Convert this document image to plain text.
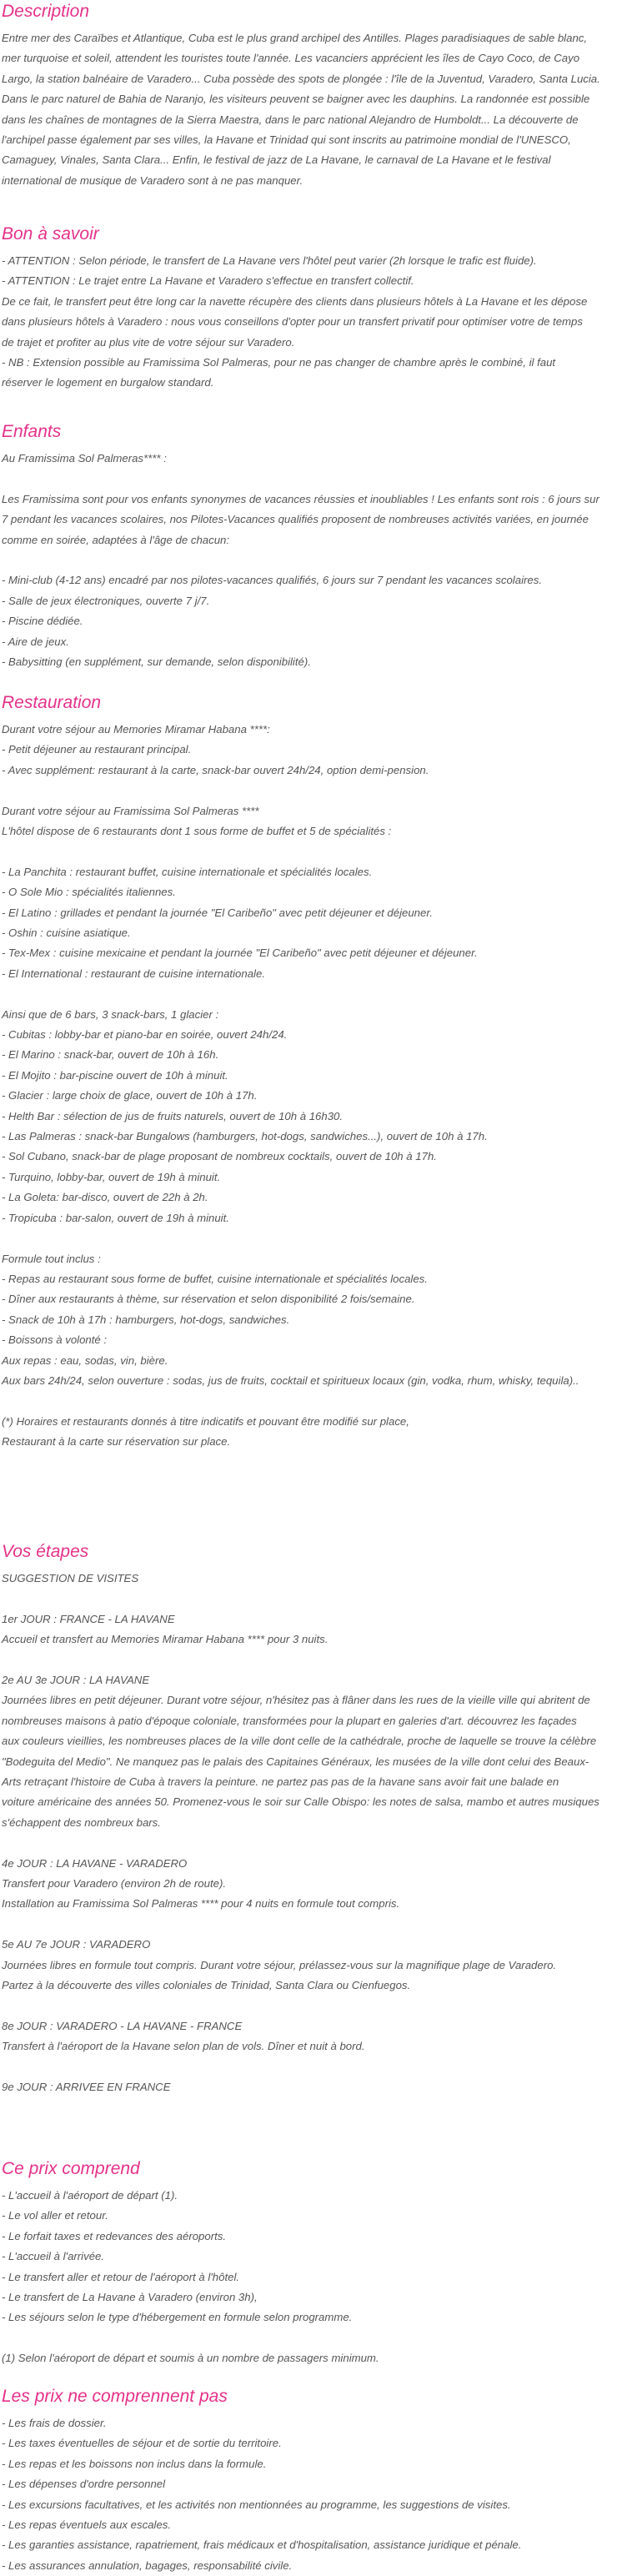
Description

Entre mer des Caraïbes et Atlantique, Cuba est le plus grand archipel des Antilles. Plages paradisiaques de sable blanc,

mer turquoise et soleil, attendent les touristes toute l'année. Les vacanciers apprécient les îles de Cayo Coco, de Cayo

Largo, la station balnéaire de Varadero... Cuba possède des spots de plongée : l'île de la Juventud, Varadero, Santa Lucia.

Dans le parc naturel de Bahia de Naranjo, les visiteurs peuvent se baigner avec les dauphins. La randonnée est possible

dans les chaînes de montagnes de la Sierra Maestra, dans le parc national Alejandro de Humboldt... La découverte de

l'archipel passe également par ses villes, la Havane et Trinidad qui sont inscrits au patrimoine mondial de l'UNESCO,

Camaguey, Vinales, Santa Clara... Enfin, le festival de jazz de La Havane, le carnaval de La Havane et le festival

international de musique de Varadero sont à ne pas manquer.

Bon à savoir

- ATTENTION : Selon période, le transfert de La Havane vers l'hôtel peut varier (2h lorsque le trafic est fluide).

- ATTENTION : Le trajet entre La Havane et Varadero s'effectue en transfert collectif.

De ce fait, le transfert peut être long car la navette récupère des clients dans plusieurs hôtels à La Havane et les dépose

dans plusieurs hôtels à Varadero : nous vous conseillons d'opter pour un transfert privatif pour optimiser votre de temps

de trajet et profiter au plus vite de votre séjour sur Varadero.

- NB : Extension possible au Framissima Sol Palmeras, pour ne pas changer de chambre après le combiné, il faut

réserver le logement en burgalow standard.

Enfants

Au Framissima Sol Palmeras**** :

Les Framissima sont pour vos enfants synonymes de vacances réussies et inoubliables ! Les enfants sont rois : 6 jours sur

7 pendant les vacances scolaires, nos Pilotes-Vacances qualifiés proposent de nombreuses activités variées, en journée

comme en soirée, adaptées à l'âge de chacun:

- Mini-club (4-12 ans) encadré par nos pilotes-vacances qualifiés, 6 jours sur 7 pendant les vacances scolaires.

- Salle de jeux électroniques, ouverte 7 j/7.

- Piscine dédiée.

- Aire de jeux.

- Babysitting (en supplément, sur demande, selon disponibilité).

Restauration

Durant votre séjour au Memories Miramar Habana ****:

- Petit déjeuner au restaurant principal.

- Avec supplément: restaurant à la carte, snack-bar ouvert 24h/24, option demi-pension.

Durant votre séjour au Framissima Sol Palmeras ****

L'hôtel dispose de 6 restaurants dont 1 sous forme de buffet et 5 de spécialités :

- La Panchita : restaurant buffet, cuisine internationale et spécialités locales.

- O Sole Mio : spécialités italiennes.

- El Latino : grillades et pendant la journée "El Caribeño" avec petit déjeuner et déjeuner.

- Oshin : cuisine asiatique.

- Tex-Mex : cuisine mexicaine et pendant la journée "El Caribeño" avec petit déjeuner et déjeuner.

- El International : restaurant de cuisine internationale.

Ainsi que de 6 bars, 3 snack-bars, 1 glacier :

- Cubitas : lobby-bar et piano-bar en soirée, ouvert 24h/24.

- El Marino : snack-bar, ouvert de 10h à 16h.

- El Mojito : bar-piscine ouvert de 10h à minuit.

- Glacier : large choix de glace, ouvert de 10h à 17h.

- Helth Bar : sélection de jus de fruits naturels, ouvert de 10h à 16h30.

- Las Palmeras : snack-bar Bungalows (hamburgers, hot-dogs, sandwiches...), ouvert de 10h à 17h.

- Sol Cubano, snack-bar de plage proposant de nombreux cocktails, ouvert de 10h à 17h.

- Turquino, lobby-bar, ouvert de 19h à minuit.

- La Goleta: bar-disco, ouvert de 22h à 2h.

- Tropicuba : bar-salon, ouvert de 19h à minuit.

Formule tout inclus :

- Repas au restaurant sous forme de buffet, cuisine internationale et spécialités locales.

- Dîner aux restaurants à thème, sur réservation et selon disponibilité 2 fois/semaine.

- Snack de 10h à 17h : hamburgers, hot-dogs, sandwiches.

- Boissons à volonté :

Aux repas : eau, sodas, vin, bière.

Aux bars 24h/24, selon ouverture : sodas, jus de fruits, cocktail et spiritueux locaux (gin, vodka, rhum, whisky, tequila)..

(*) Horaires et restaurants donnés à titre indicatifs et pouvant être modifié sur place,

Restaurant à la carte sur réservation sur place.

Vos étapes

SUGGESTION DE VISITES

1er JOUR : FRANCE - LA HAVANE

Accueil et transfert au Memories Miramar Habana **** pour 3 nuits.

2e AU 3e JOUR : LA HAVANE

Journées libres en petit déjeuner. Durant votre séjour, n'hésitez pas à flâner dans les rues de la vieille ville qui abritent de

nombreuses maisons à patio d'époque coloniale, transformées pour la plupart en galeries d'art. découvrez les façades

aux couleurs vieillies, les nombreuses places de la ville dont celle de la cathédrale, proche de laquelle se trouve la célèbre

"Bodeguita del Medio". Ne manquez pas le palais des Capitaines Généraux, les musées de la ville dont celui des Beaux-

Arts retraçant l'histoire de Cuba à travers la peinture. ne partez pas pas de la havane sans avoir fait une balade en

voiture américaine des années 50. Promenez-vous le soir sur Calle Obispo: les notes de salsa, mambo et autres musiques

s'échappent des nombreux bars.

4e JOUR : LA HAVANE - VARADERO

Transfert pour Varadero (environ 2h de route).

Installation au Framissima Sol Palmeras **** pour 4 nuits en formule tout compris.

5e AU 7e JOUR : VARADERO

Journées libres en formule tout compris. Durant votre séjour, prélassez-vous sur la magnifique plage de Varadero.

Partez à la découverte des villes coloniales de Trinidad, Santa Clara ou Cienfuegos.

8e JOUR : VARADERO - LA HAVANE - FRANCE

Transfert à l'aéroport de la Havane selon plan de vols. Dîner et nuit à bord.

9e JOUR : ARRIVEE EN FRANCE

Ce prix comprend

- L'accueil à l'aéroport de départ (1).

- Le vol aller et retour.

- Le forfait taxes et redevances des aéroports.

- L'accueil à l'arrivée.

- Le transfert aller et retour de l'aéroport à l'hôtel.

- Le transfert de La Havane à Varadero (environ 3h),

- Les séjours selon le type d'hébergement en formule selon programme.

(1) Selon l'aéroport de départ et soumis à un nombre de passagers minimum.

Les prix ne comprennent pas

- Les frais de dossier.

- Les taxes éventuelles de séjour et de sortie du territoire.

- Les repas et les boissons non inclus dans la formule.

- Les dépenses d'ordre personnel

- Les excursions facultatives, et les activités non mentionnées au programme, les suggestions de visites.

- Les repas éventuels aux escales.

- Les garanties assistance, rapatriement, frais médicaux et d'hospitalisation, assistance juridique et pénale.

- Les assurances annulation, bagages, responsabilité civile.
